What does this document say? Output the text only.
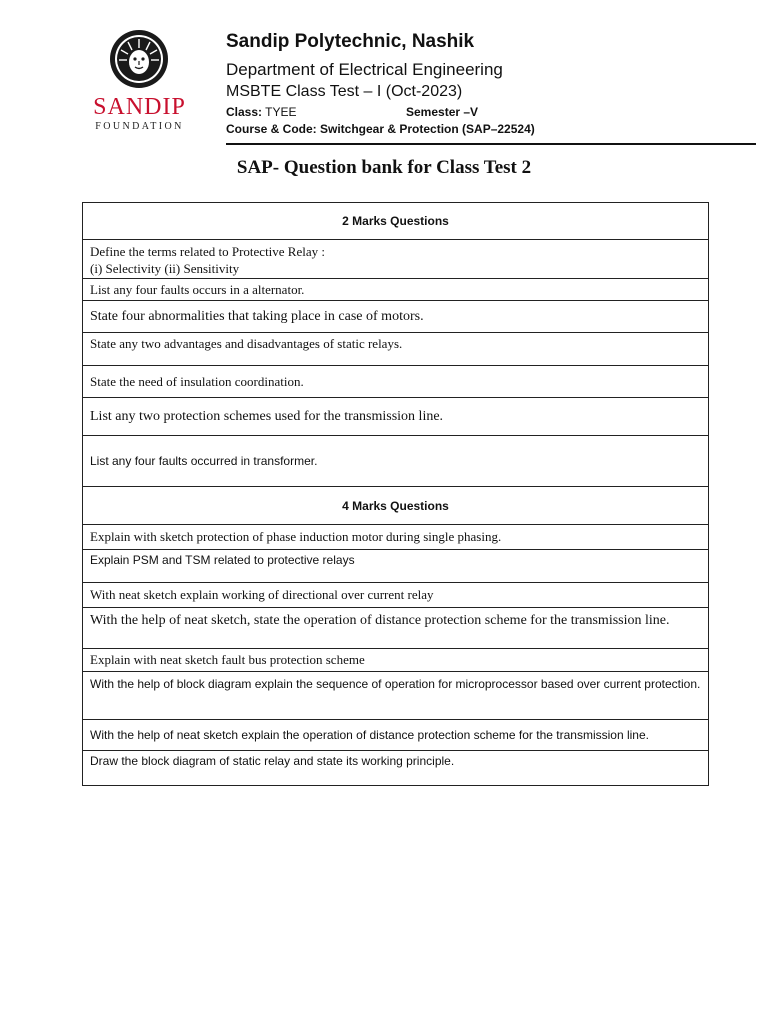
SANDIP
FOUNDATION
Sandip Polytechnic, Nashik
Department of Electrical Engineering
MSBTE Class Test – I (Oct-2023)
Class: TYEE	Semester –V
Course & Code: Switchgear & Protection (SAP–22524)
SAP- Question bank for Class Test 2
2 Marks Questions

Define the terms related to Protective Relay :
(i) Selectivity (ii) Sensitivity

List any four faults occurs in a alternator.
State four abnormalities that taking place in case of motors.
State any two advantages and disadvantages of static relays.
State the need of insulation coordination.
List any two protection schemes used for the transmission line.
List any four faults occurred in transformer.
4 Marks Questions
Explain with sketch protection of phase induction motor during single phasing.
Explain PSM and TSM related to protective relays
With neat sketch explain working of directional over current relay
With the help of neat sketch, state the operation of distance protection scheme for the transmission line.
Explain with neat sketch fault bus protection scheme
With the help of block diagram explain the sequence of operation for microprocessor based over current protection.
With the help of neat sketch explain the operation of distance protection scheme for the transmission line.
Draw the block diagram of static relay and state its working principle.
